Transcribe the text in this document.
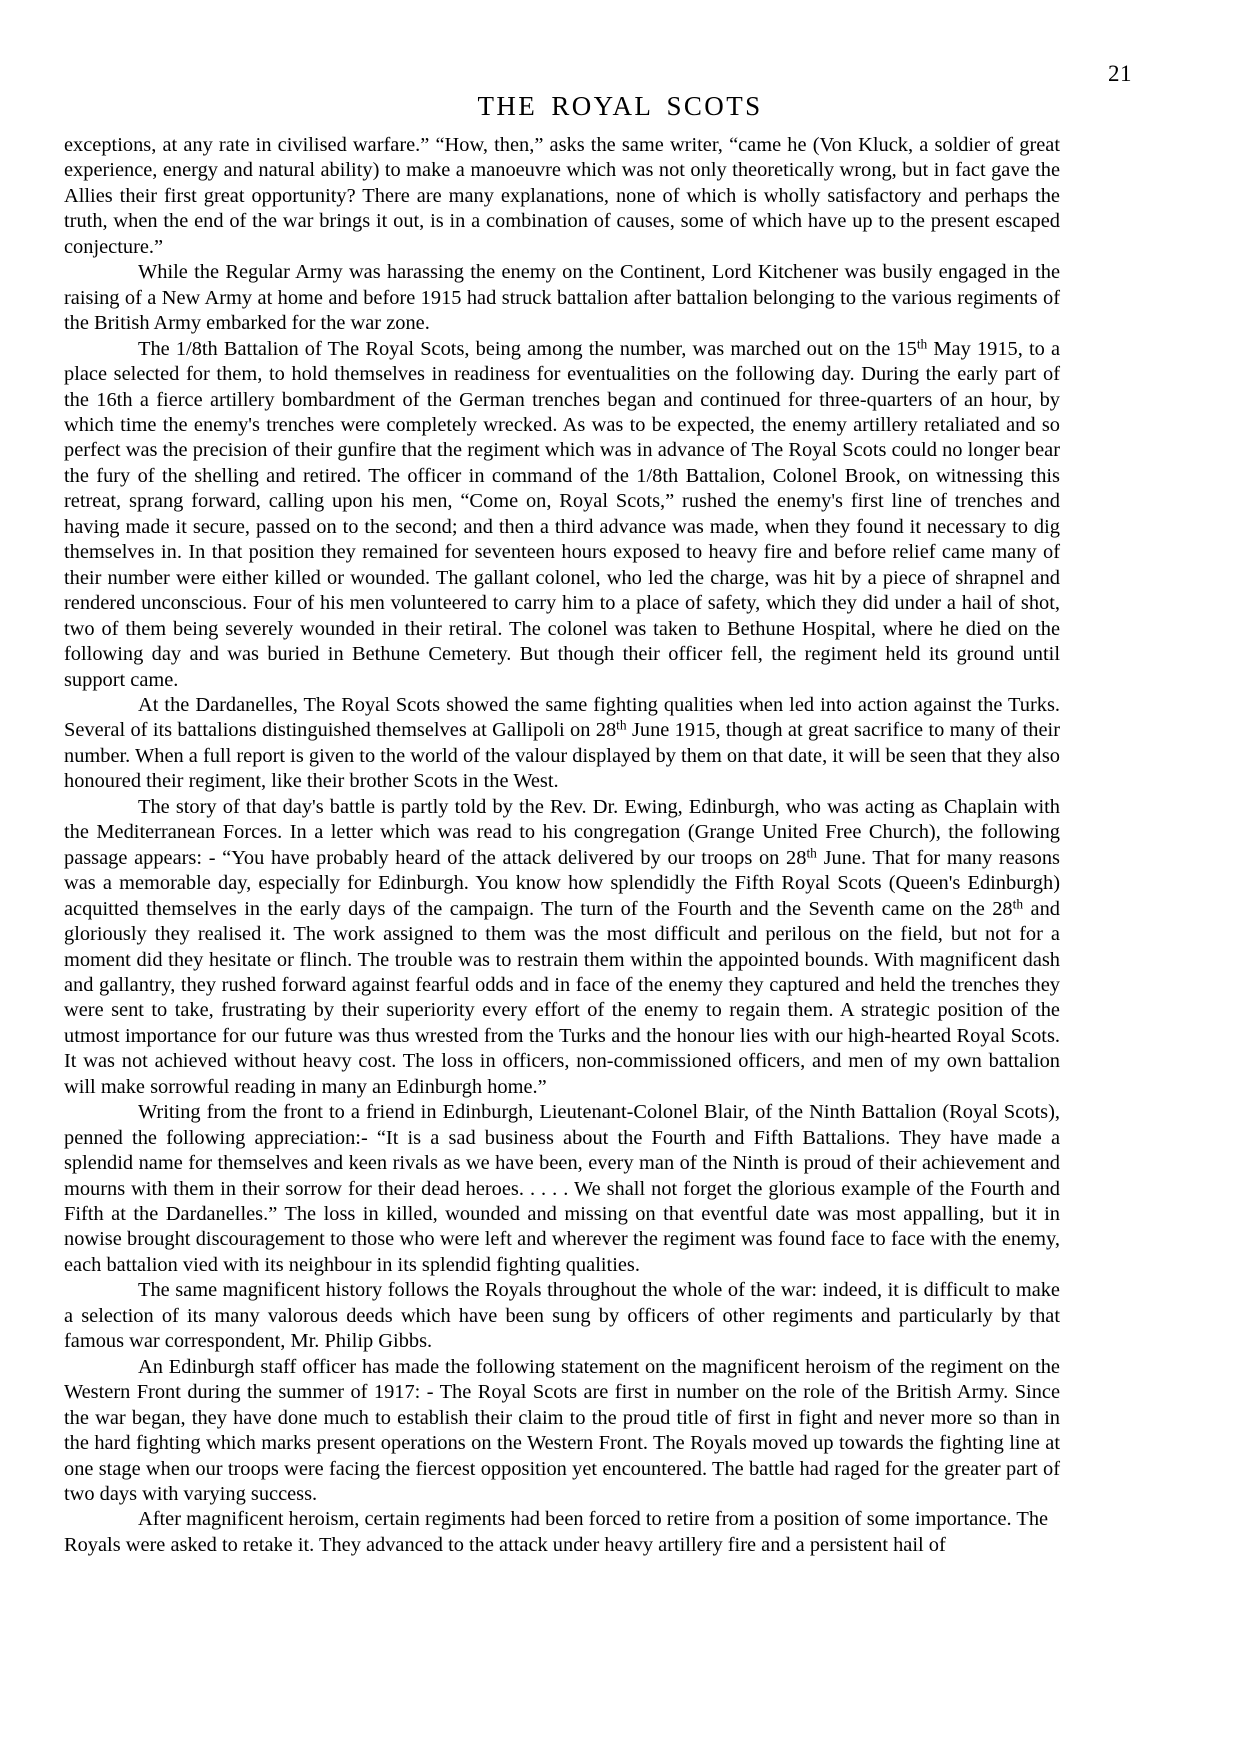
21
THE ROYAL SCOTS

exceptions, at any rate in civilised warfare.” “How, then,” asks the same writer, “came he (Von Kluck, a soldier of great experience, energy and natural ability) to make a manoeuvre which was not only theoretically wrong, but in fact gave the Allies their first great opportunity? There are many explanations, none of which is wholly satisfactory and perhaps the truth, when the end of the war brings it out, is in a combination of causes, some of which have up to the present escaped conjecture.”

While the Regular Army was harassing the enemy on the Continent, Lord Kitchener was busily engaged in the raising of a New Army at home and before 1915 had struck battalion after battalion belonging to the various regiments of the British Army embarked for the war zone.

The 1/8th Battalion of The Royal Scots, being among the number, was marched out on the 15th May 1915, to a place selected for them, to hold themselves in readiness for eventualities on the following day. During the early part of the 16th a fierce artillery bombardment of the German trenches began and continued for three-quarters of an hour, by which time the enemy's trenches were completely wrecked. As was to be expected, the enemy artillery retaliated and so perfect was the precision of their gunfire that the regiment which was in advance of The Royal Scots could no longer bear the fury of the shelling and retired. The officer in command of the 1/8th Battalion, Colonel Brook, on witnessing this retreat, sprang forward, calling upon his men, “Come on, Royal Scots,” rushed the enemy's first line of trenches and having made it secure, passed on to the second; and then a third advance was made, when they found it necessary to dig themselves in. In that position they remained for seventeen hours exposed to heavy fire and before relief came many of their number were either killed or wounded. The gallant colonel, who led the charge, was hit by a piece of shrapnel and rendered unconscious. Four of his men volunteered to carry him to a place of safety, which they did under a hail of shot, two of them being severely wounded in their retiral. The colonel was taken to Bethune Hospital, where he died on the following day and was buried in Bethune Cemetery. But though their officer fell, the regiment held its ground until support came.

At the Dardanelles, The Royal Scots showed the same fighting qualities when led into action against the Turks. Several of its battalions distinguished themselves at Gallipoli on 28th June 1915, though at great sacrifice to many of their number. When a full report is given to the world of the valour displayed by them on that date, it will be seen that they also honoured their regiment, like their brother Scots in the West.

The story of that day's battle is partly told by the Rev. Dr. Ewing, Edinburgh, who was acting as Chaplain with the Mediterranean Forces. In a letter which was read to his congregation (Grange United Free Church), the following passage appears: - “You have probably heard of the attack delivered by our troops on 28th June. That for many reasons was a memorable day, especially for Edinburgh. You know how splendidly the Fifth Royal Scots (Queen's Edinburgh) acquitted themselves in the early days of the campaign. The turn of the Fourth and the Seventh came on the 28th and gloriously they realised it. The work assigned to them was the most difficult and perilous on the field, but not for a moment did they hesitate or flinch. The trouble was to restrain them within the appointed bounds. With magnificent dash and gallantry, they rushed forward against fearful odds and in face of the enemy they captured and held the trenches they were sent to take, frustrating by their superiority every effort of the enemy to regain them. A strategic position of the utmost importance for our future was thus wrested from the Turks and the honour lies with our high-hearted Royal Scots. It was not achieved without heavy cost. The loss in officers, non-commissioned officers, and men of my own battalion will make sorrowful reading in many an Edinburgh home.”

Writing from the front to a friend in Edinburgh, Lieutenant-Colonel Blair, of the Ninth Battalion (Royal Scots), penned the following appreciation:- “It is a sad business about the Fourth and Fifth Battalions. They have made a splendid name for themselves and keen rivals as we have been, every man of the Ninth is proud of their achievement and mourns with them in their sorrow for their dead heroes. . . . . We shall not forget the glorious example of the Fourth and Fifth at the Dardanelles.” The loss in killed, wounded and missing on that eventful date was most appalling, but it in nowise brought discouragement to those who were left and wherever the regiment was found face to face with the enemy, each battalion vied with its neighbour in its splendid fighting qualities.

The same magnificent history follows the Royals throughout the whole of the war: indeed, it is difficult to make a selection of its many valorous deeds which have been sung by officers of other regiments and particularly by that famous war correspondent, Mr. Philip Gibbs.

An Edinburgh staff officer has made the following statement on the magnificent heroism of the regiment on the Western Front during the summer of 1917: - The Royal Scots are first in number on the role of the British Army. Since the war began, they have done much to establish their claim to the proud title of first in fight and never more so than in the hard fighting which marks present operations on the Western Front. The Royals moved up towards the fighting line at one stage when our troops were facing the fiercest opposition yet encountered. The battle had raged for the greater part of two days with varying success.

After magnificent heroism, certain regiments had been forced to retire from a position of some importance. The Royals were asked to retake it. They advanced to the attack under heavy artillery fire and a persistent hail of
